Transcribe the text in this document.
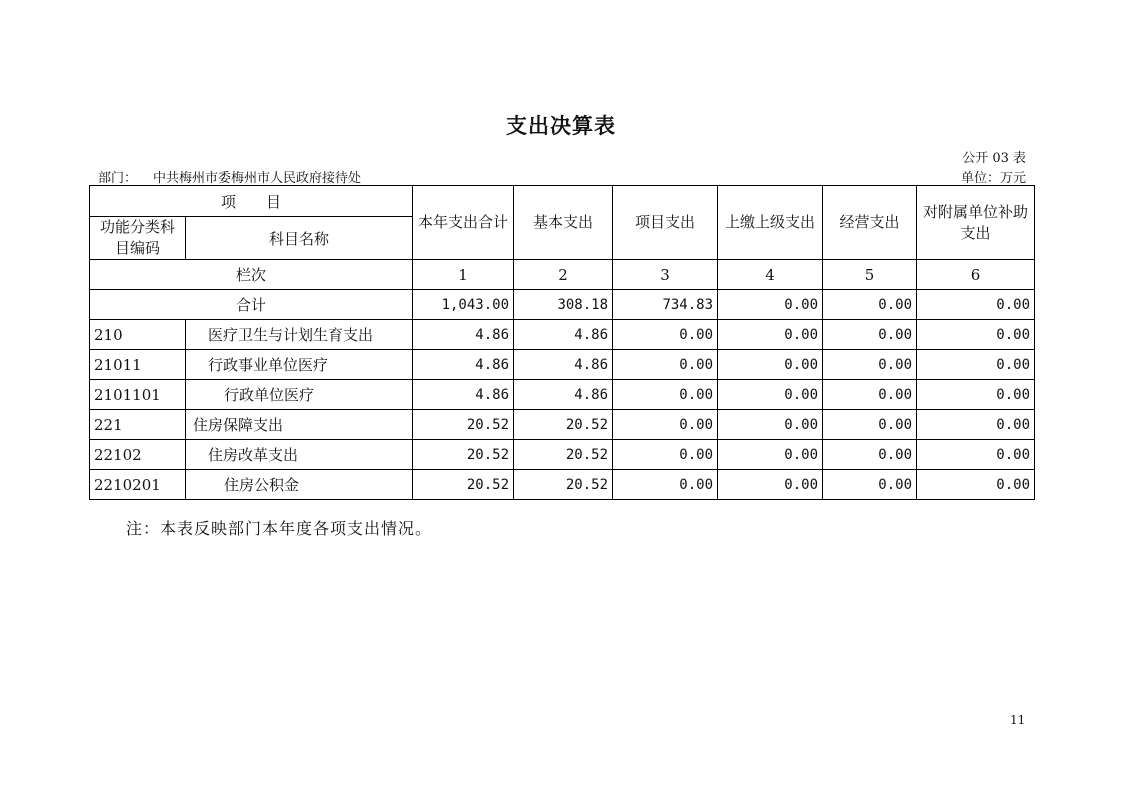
支出决算表
公开 03 表
部门： 中共梅州市委梅州市人民政府接待处	单位：万元
项　　目		本年支出合计	基本支出	项目支出	上缴上级支出	经营支出	对附属单位补助支出
功能分类科目编码	科目名称						
栏次		1	2	3	4	5	6
合计		1,043.00	308.18	734.83	0.00	0.00	0.00
210	医疗卫生与计划生育支出	4.86	4.86	0.00	0.00	0.00	0.00
21011	行政事业单位医疗	4.86	4.86	0.00	0.00	0.00	0.00
2101101	行政单位医疗	4.86	4.86	0.00	0.00	0.00	0.00
221	住房保障支出	20.52	20.52	0.00	0.00	0.00	0.00
22102	住房改革支出	20.52	20.52	0.00	0.00	0.00	0.00
2210201	住房公积金	20.52	20.52	0.00	0.00	0.00	0.00
注：本表反映部门本年度各项支出情况。
11
